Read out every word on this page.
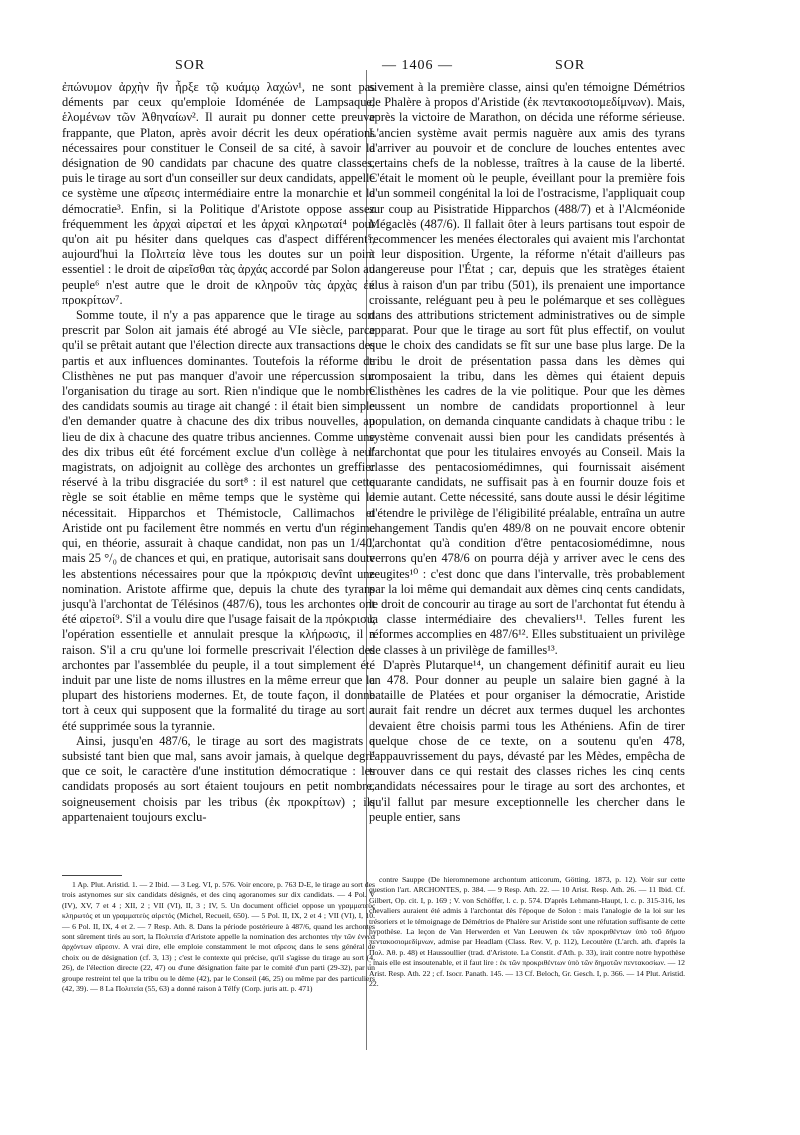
SOR	— 1406 —	SOR

ἐπώνυμον ἀρχὴν ἣν ἦρξε τῷ κυάμῳ λαχών¹, ne sont pas déments par ceux qu'emploie Idoménée de Lampsaque, ἑλομένων τῶν Ἀθηναίων². Il aurait pu donner cette preuve frappante, que Platon, après avoir décrit les deux opérations nécessaires pour constituer le Conseil de sa cité, à savoir la désignation de 90 candidats par chacune des quatre classes, puis le tirage au sort d'un conseiller sur deux candidats, appelle ce système une αἵρεσις intermédiaire entre la monarchie et la démocratie³. Enfin, si la Politique d'Aristote oppose assez fréquemment les ἀρχαὶ αἱρεταί et les ἀρχαὶ κληρωταί⁴ pour qu'on ait pu hésiter dans quelques cas d'aspect différent⁵, aujourd'hui la Πολιτεία lève tous les doutes sur un point essentiel : le droit de αἱρεῖσθαι τὰς ἀρχάς accordé par Solon au peuple⁶ n'est autre que le droit de κληροῦν τὰς ἀρχὰς ἐκ προκρίτων⁷.

Somme toute, il n'y a pas apparence que le tirage au sort prescrit par Solon ait jamais été abrogé au VIe siècle, parce qu'il se prêtait autant que l'élection directe aux transactions des partis et aux influences dominantes. Toutefois la réforme de Clisthènes ne put pas manquer d'avoir une répercussion sur l'organisation du tirage au sort. Rien n'indique que le nombre des candidats soumis au tirage ait changé : il était bien simple d'en demander quatre à chacune des dix tribus nouvelles, au lieu de dix à chacune des quatre tribus anciennes. Comme une des dix tribus eût été forcément exclue d'un collège à neuf magistrats, on adjoignit au collège des archontes un greffier réservé à la tribu disgraciée du sort⁸ : il est naturel que cette règle se soit établie en même temps que le système qui la nécessitait. Hipparchos et Thémistocle, Callimachos et Aristide ont pu facilement être nommés en vertu d'un régime qui, en théorie, assurait à chaque candidat, non pas un 1/40, mais 25 °/₀ de chances et qui, en pratique, autorisait sans doute les abstentions nécessaires pour que la πρόκρισις devînt une nomination. Aristote affirme que, depuis la chute des tyrans jusqu'à l'archontat de Télésinos (487/6), tous les archontes ont été αἱρετοί⁹. S'il a voulu dire que l'usage faisait de la πρόκρισις l'opération essentielle et annulait presque la κλήρωσις, il a raison. S'il a cru qu'une loi formelle prescrivait l'élection des archontes par l'assemblée du peuple, il a tout simplement été induit par une liste de noms illustres en la même erreur que la plupart des historiens modernes. Et, de toute façon, il donne tort à ceux qui supposent que la formalité du tirage au sort a été supprimée sous la tyrannie.

Ainsi, jusqu'en 487/6, le tirage au sort des magistrats a subsisté tant bien que mal, sans avoir jamais, à quelque degré que ce soit, le caractère d'une institution démocratique : les candidats proposés au sort étaient toujours en petit nombre, soigneusement choisis par les tribus (ἐκ προκρίτων) ; ils appartenaient toujours exclu-

sivement à la première classe, ainsi qu'en témoigne Démétrios de Phalère à propos d'Aristide (ἐκ πεντακοσιομεδίμνων). Mais, après la victoire de Marathon, on décida une réforme sérieuse. L'ancien système avait permis naguère aux amis des tyrans d'arriver au pouvoir et de conclure de louches ententes avec certains chefs de la noblesse, traîtres à la cause de la liberté. C'était le moment où le peuple, éveillant pour la première fois d'un sommeil congénital la loi de l'ostracisme, l'appliquait coup sur coup au Pisistratide Hipparchos (488/7) et à l'Alcméonide Mégaclès (487/6). Il fallait ôter à leurs partisans tout espoir de recommencer les menées électorales qui avaient mis l'archontat à leur disposition. Urgente, la réforme n'était d'ailleurs pas dangereuse pour l'État ; car, depuis que les stratèges étaient élus à raison d'un par tribu (501), ils prenaient une importance croissante, reléguant peu à peu le polémarque et ses collègues dans des attributions strictement administratives ou de simple apparat. Pour que le tirage au sort fût plus effectif, on voulut que le choix des candidats se fît sur une base plus large. De la tribu le droit de présentation passa dans les dèmes qui composaient la tribu, dans les dèmes qui étaient depuis Clisthènes les cadres de la vie politique. Pour que les dèmes eussent un nombre de candidats proportionnel à leur population, on demanda cinquante candidats à chaque tribu : le système convenait aussi bien pour les candidats présentés à l'archontat que pour les titulaires envoyés au Conseil. Mais la classe des pentacosiomédimnes, qui fournissait aisément quarante candidats, ne suffisait pas à en fournir douze fois et demie autant. Cette nécessité, sans doute aussi le désir légitime d'étendre le privilège de l'éligibilité préalable, entraîna un autre changement Tandis qu'en 489/8 on ne pouvait encore obtenir l'archontat qu'à condition d'être pentacosiomédimne, nous verrons qu'en 478/6 on pourra déjà y arriver avec le cens des zeugites¹⁰ : c'est donc que dans l'intervalle, très probablement par la loi même qui demandait aux dèmes cinq cents candidats, le droit de concourir au tirage au sort de l'archontat fut étendu à la classe intermédiaire des chevaliers¹¹. Telles furent les réformes accomplies en 487/6¹². Elles substituaient un privilège de classes à un privilège de familles¹³.

D'après Plutarque¹⁴, un changement définitif aurait eu lieu en 478. Pour donner au peuple un salaire bien gagné à la bataille de Platées et pour organiser la démocratie, Aristide aurait fait rendre un décret aux termes duquel les archontes devaient être choisis parmi tous les Athéniens. Afin de tirer quelque chose de ce texte, on a soutenu qu'en 478, l'appauvrissement du pays, dévasté par les Mèdes, empêcha de trouver dans ce qui restait des classes riches les cinq cents candidats nécessaires pour le tirage au sort des archontes, et qu'il fallut par mesure exceptionnelle les chercher dans le peuple entier, sans

1 Ap. Plut. Aristid. 1. — 2 Ibid. — 3 Leg. VI, p. 576. Voir encore, p. 763 D-E, le tirage au sort des trois astynomes sur six candidats désignés, et des cinq agoranomes sur dix candidats. — 4 Pol. V (IV), XV, 7 et 4 ; XII, 2 ; VII (VI), II, 3 ; IV, 5. Un document officiel oppose un γραμματεὺς κληρωτός et un γραμματεὺς αἱρετός (Michel, Recueil, 650). — 5 Pol. II, IX, 2 et 4 ; VII (VI), I, 10. — 6 Pol. II, IX, 4 et 2. — 7 Resp. Ath. 8. Dans la période postérieure à 487/6, quand les archontes sont sûrement tirés au sort, la Πολιτεία d'Aristote appelle la nomination des archontes τὴν τῶν ἐννέα ἀρχόντων αἵρεσιν. A vrai dire, elle emploie constamment le mot αἵρεσις dans le sens général de choix ou de désignation (cf. 3, 13) ; c'est le contexte qui précise, qu'il s'agisse du tirage au sort (4, 26), de l'élection directe (22, 47) ou d'une désignation faite par le comité d'un parti (29-32), par un groupe restreint tel que la tribu ou le dème (42), par le Conseil (46, 25) ou même par des particuliers (42, 39). — 8 La Πολιτεία (55, 63) a donné raison à Télfy (Corp. juris att. p. 471)

contre Sauppe (De hieromnemone archontum atticorum, Götting. 1873, p. 12). Voir sur cette question l'art. ARCHONTES, p. 384. — 9 Resp. Ath. 22. — 10 Arist. Resp. Ath. 26. — 11 Ibid. Cf. Gilbert, Op. cit. I, p. 169 ; V. von Schöffer, l. c. p. 574. D'après Lehmann-Haupt, l. c. p. 315-316, les chevaliers auraient été admis à l'archontat dès l'époque de Solon : mais l'analogie de la loi sur les trésoriers et le témoignage de Démétrios de Phalère sur Aristide sont une réfutation suffisante de cette hypothèse. La leçon de Van Herwerden et Van Leeuwen ἐκ τῶν προκριθέντων ὑπὸ τοῦ δήμου πεντακοσιομεδίμνων, admise par Headlam (Class. Rev. V, p. 112), Lecoutère (L'arch. ath. d'après la Πολ. Ἀθ. p. 48) et Haussoullier (trad. d'Aristote. La Constit. d'Ath. p. 33), irait contre notre hypothèse ; mais elle est insoutenable, et il faut lire : ἐκ τῶν προκριθέντων ὑπὸ τῶν δημοτῶν πεντακοσίων. — 12 Arist. Resp. Ath. 22 ; cf. Isocr. Panath. 145. — 13 Cf. Beloch, Gr. Gesch. I, p. 366. — 14 Plut. Aristid. 22.
